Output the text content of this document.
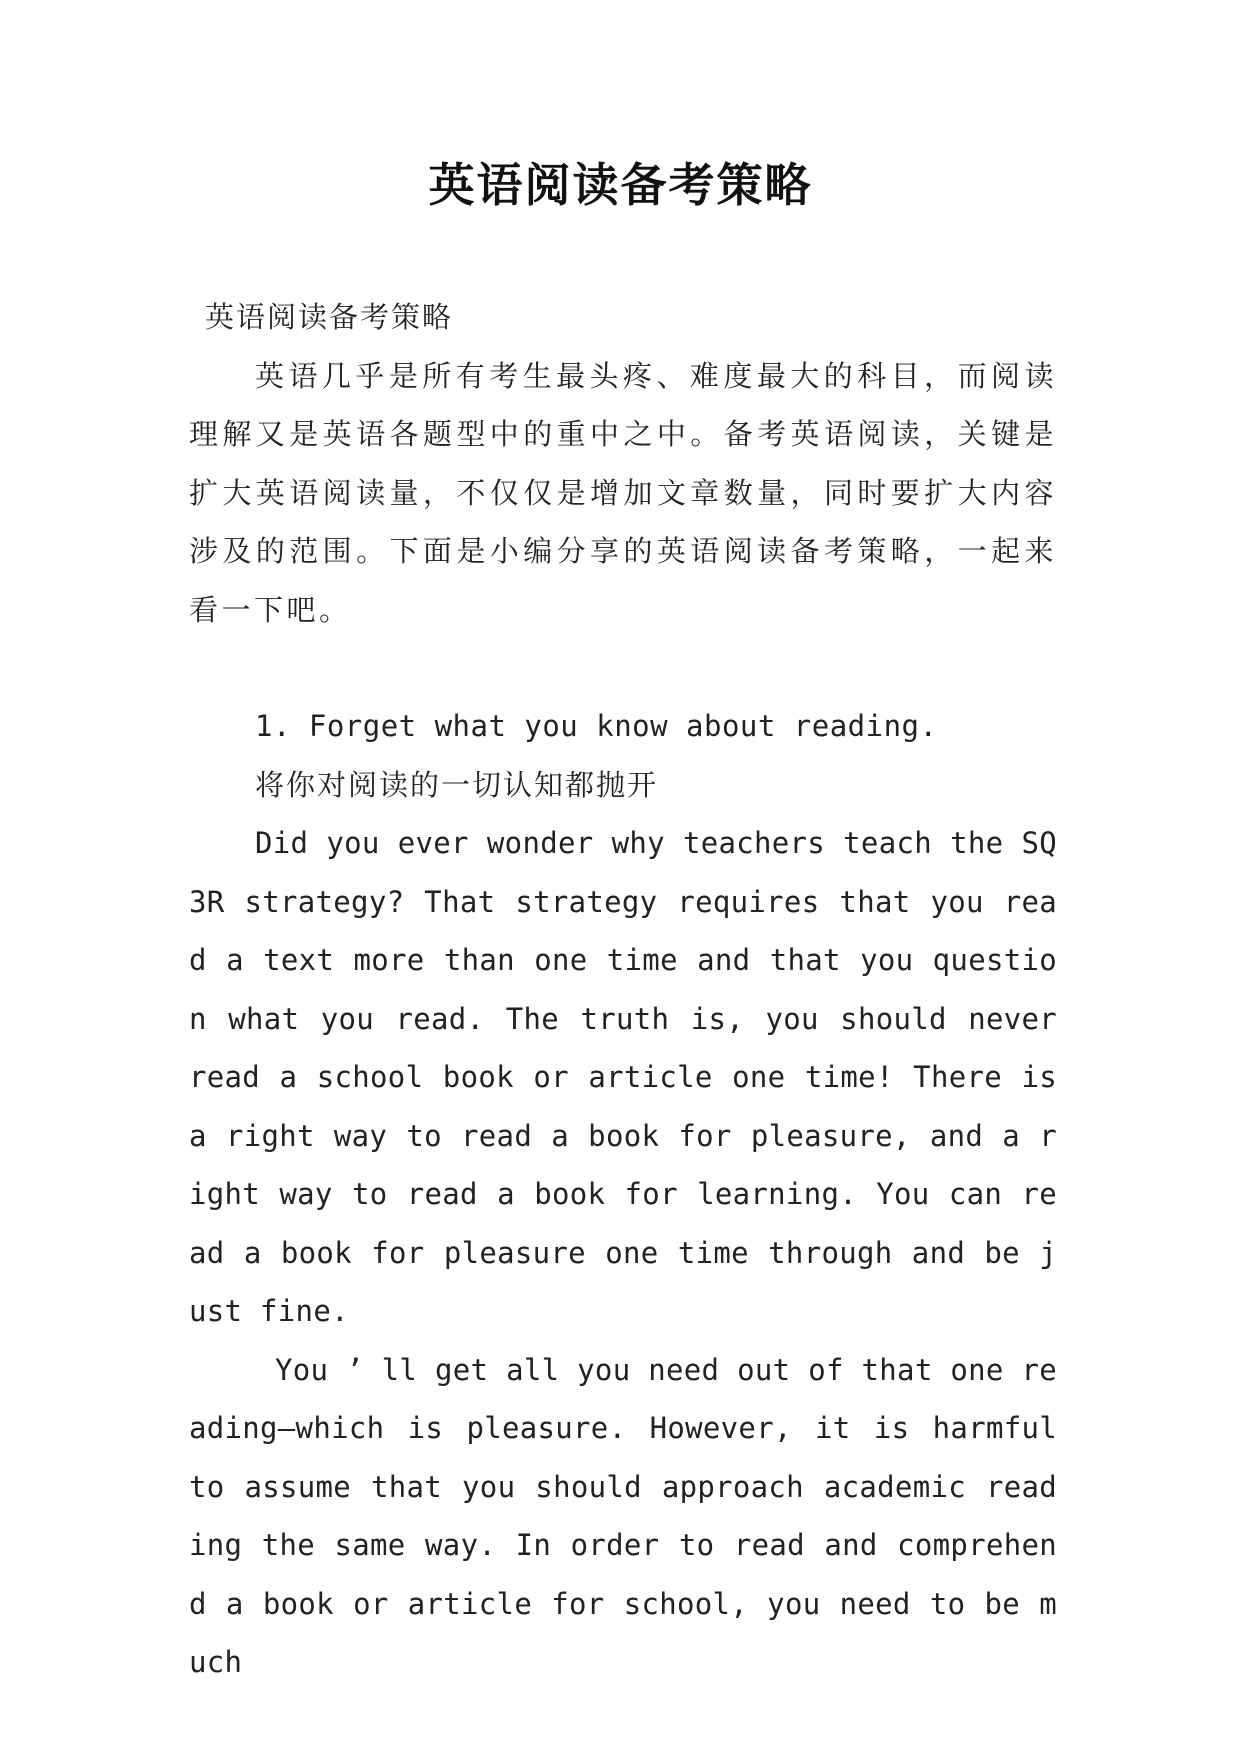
英语阅读备考策略

英语阅读备考策略

英语几乎是所有考生最头疼、难度最大的科目，而阅读理解又是英语各题型中的重中之中。备考英语阅读，关键是扩大英语阅读量，不仅仅是增加文章数量，同时要扩大内容涉及的范围。下面是小编分享的英语阅读备考策略，一起来看一下吧。

1. Forget what you know about reading.

将你对阅读的一切认知都抛开

Did you ever wonder why teachers teach the SQ3R strategy? That strategy requires that you read a text more than one time and that you question what you read. The truth is, you should never read a school book or article one time! There is a right way to read a book for pleasure, and a right way to read a book for learning. You can read a book for pleasure one time through and be just fine.

You ’ ll get all you need out of that one reading—which is pleasure. However, it is harmful to assume that you should approach academic reading the same way. In order to read and comprehend a book or article for school, you need to be much
